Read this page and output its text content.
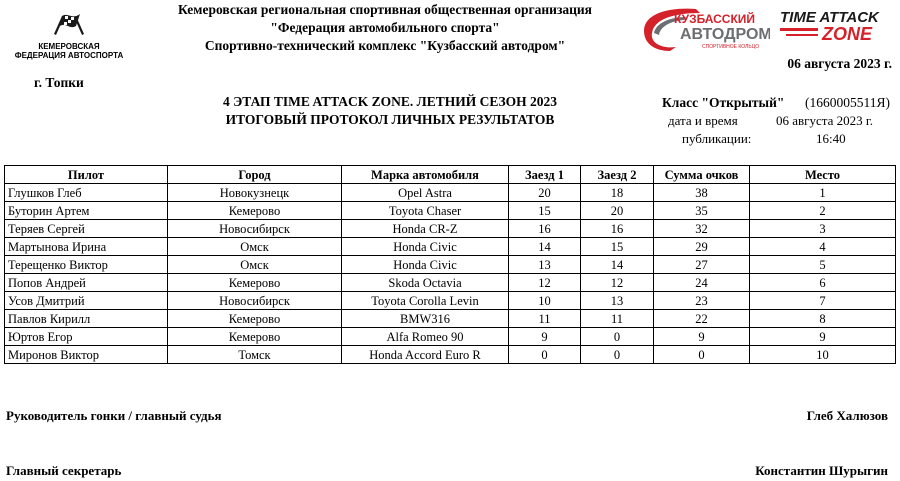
КЕМЕРОВСКАЯ
ФЕДЕРАЦИЯ АВТОСПОРТА
Кемеровская региональная спортивная общественная организация
"Федерация автомобильного спорта"
Спортивно-технический комплекс "Кузбасский автодром"
КУЗБАССКИЙ
АВТОДРОМ
СПОРТИВНОЕ КОЛЬЦО
TIME ATTACK
ZONE
06 августа 2023 г.
г. Топки
4 ЭТАП TIME ATTACK ZONE. ЛЕТНИЙ СЕЗОН 2023
ИТОГОВЫЙ ПРОТОКОЛ ЛИЧНЫХ РЕЗУЛЬТАТОВ
Класс "Открытый" (1660005511Я)
дата и время	06 августа 2023 г.
публикации:	16:40
Пилот	Город	Марка автомобиля	Заезд 1	Заезд 2	Сумма очков	Место
Глушков Глеб	Новокузнецк	Opel Astra	20	18	38	1
Буторин Артем	Кемерово	Toyota Chaser	15	20	35	2
Теряев Сергей	Новосибирск	Honda CR-Z	16	16	32	3
Мартынова Ирина	Омск	Honda Civic	14	15	29	4
Терещенко Виктор	Омск	Honda Civic	13	14	27	5
Попов Андрей	Кемерово	Skoda Octavia	12	12	24	6
Усов Дмитрий	Новосибирск	Toyota Corolla Levin	10	13	23	7
Павлов Кирилл	Кемерово	BMW316	11	11	22	8
Юртов Егор	Кемерово	Alfa Romeo 90	9	0	9	9
Миронов Виктор	Томск	Honda Accord Euro R	0	0	0	10
Руководитель гонки / главный судья	Глеб Халюзов
Главный секретарь	Константин Шурыгин
